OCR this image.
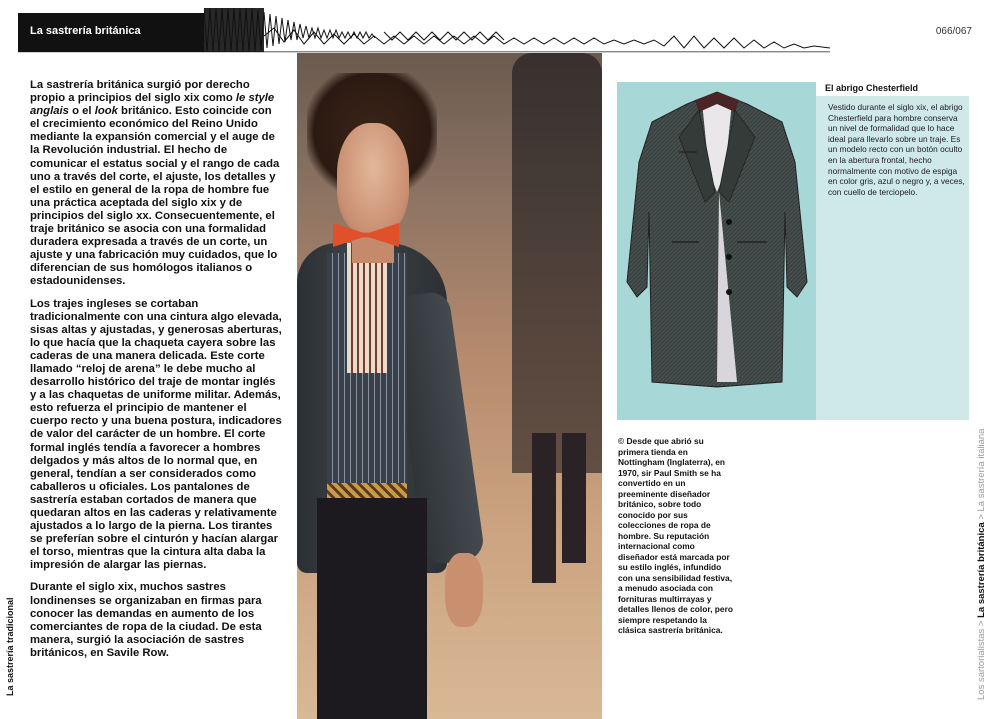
La sastrería británica	066/067

La sastrería británica surgió por derecho propio a principios del siglo xix como le style anglais o el look británico. Esto coincide con el crecimiento económico del Reino Unido mediante la expansión comercial y el auge de la Revolución industrial. El hecho de comunicar el estatus social y el rango de cada uno a través del corte, el ajuste, los detalles y el estilo en general de la ropa de hombre fue una práctica aceptada del siglo xix y de principios del siglo xx. Consecuentemente, el traje británico se asocia con una formalidad duradera expresada a través de un corte, un ajuste y una fabricación muy cuidados, que lo diferencian de sus homólogos italianos o estadounidenses.

Los trajes ingleses se cortaban tradicionalmente con una cintura algo elevada, sisas altas y ajustadas, y generosas aberturas, lo que hacía que la chaqueta cayera sobre las caderas de una manera delicada. Este corte llamado “reloj de arena” le debe mucho al desarrollo histórico del traje de montar inglés y a las chaquetas de uniforme militar. Además, esto refuerza el principio de mantener el cuerpo recto y una buena postura, indicadores de valor del carácter de un hombre. El corte formal inglés tendía a favorecer a hombres delgados y más altos de lo normal que, en general, tendían a ser considerados como caballeros u oficiales. Los pantalones de sastrería estaban cortados de manera que quedaran altos en las caderas y relativamente ajustados a lo largo de la pierna. Los tirantes se preferían sobre el cinturón y hacían alargar el torso, mientras que la cintura alta daba la impresión de alargar las piernas.

Durante el siglo xix, muchos sastres londinenses se organizaban en firmas para conocer las demandas en aumento de los comerciantes de ropa de la ciudad. De esta manera, surgió la asociación de sastres británicos, en Savile Row.

La sastrería tradicional
El abrigo Chesterfield
Vestido durante el siglo xix, el abrigo Chesterfield para hombre conserva un nivel de formalidad que lo hace ideal para llevarlo sobre un traje. Es un modelo recto con un botón oculto en la abertura frontal, hecho normalmente con motivo de espiga en color gris, azul o negro y, a veces, con cuello de terciopelo.
© Desde que abrió su primera tienda en Nottingham (Inglaterra), en 1970, sir Paul Smith se ha convertido en un preeminente diseñador británico, sobre todo conocido por sus colecciones de ropa de hombre. Su reputación internacional como diseñador está marcada por su estilo inglés, infundido con una sensibilidad festiva, a menudo asociada con fornituras multirrayas y detalles llenos de color, pero siempre respetando la clásica sastrería británica.	Los sartorialistas > La sastrería británica > La sastrería italiana
